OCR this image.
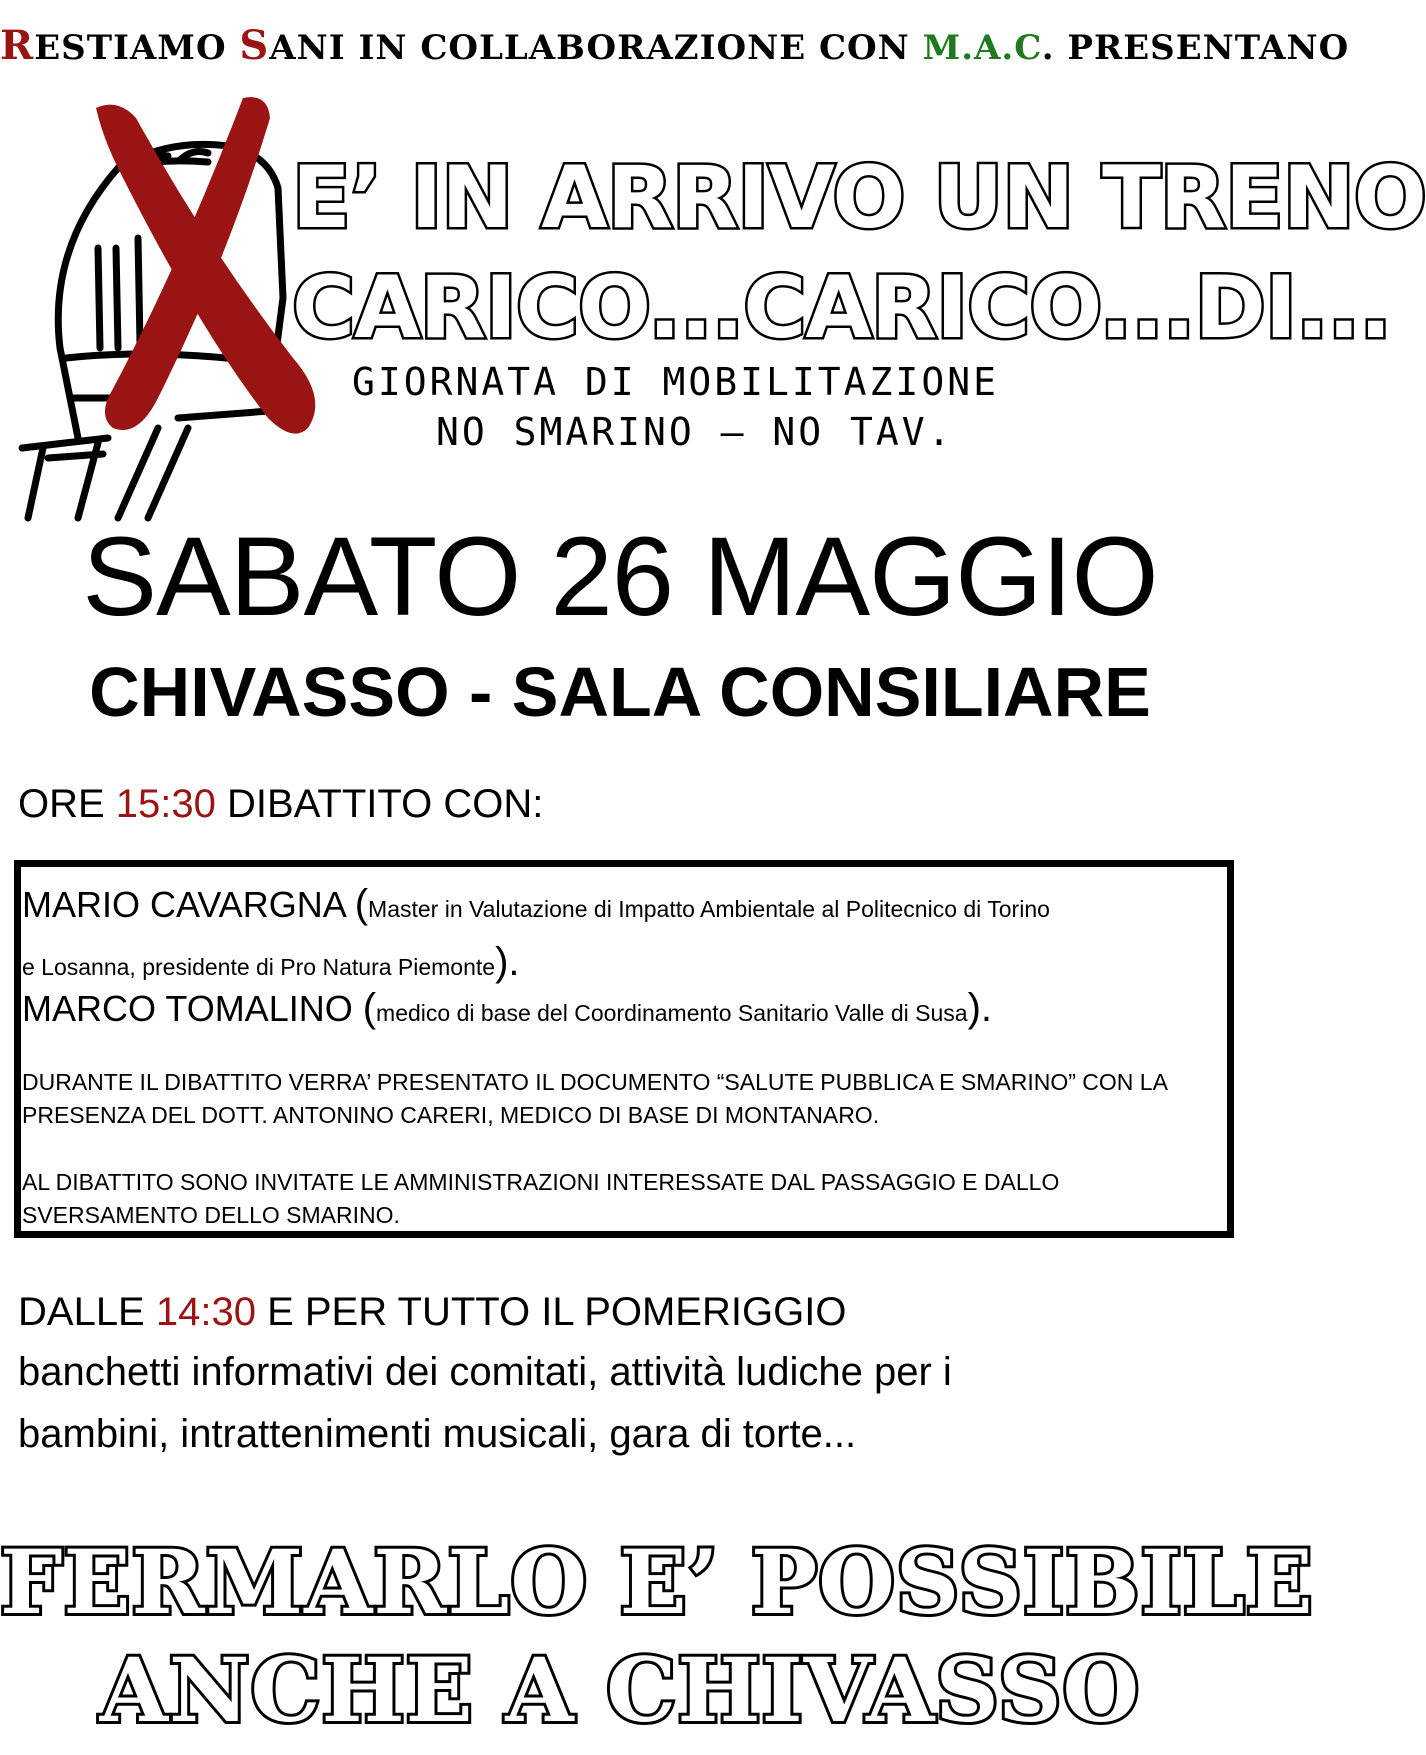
RESTIAMO SANI IN COLLABORAZIONE CON M.A.C. PRESENTANO
E’ IN ARRIVO UN TRENO
CARICO...CARICO...DI...
GIORNATA DI MOBILITAZIONE
NO SMARINO — NO TAV.
SABATO 26 MAGGIO
CHIVASSO - SALA CONSILIARE
ORE 15:30 DIBATTITO CON:
MARIO CAVARGNA (Master in Valutazione di Impatto Ambientale al Politecnico di Torino
e Losanna, presidente di Pro Natura Piemonte).
MARCO TOMALINO (medico di base del Coordinamento Sanitario Valle di Susa).
DURANTE IL DIBATTITO VERRA’ PRESENTATO IL DOCUMENTO “SALUTE PUBBLICA E SMARINO” CON LA PRESENZA DEL DOTT. ANTONINO CARERI, MEDICO DI BASE DI MONTANARO.
AL DIBATTITO SONO INVITATE LE AMMINISTRAZIONI INTERESSATE DAL PASSAGGIO E DALLO SVERSAMENTO DELLO SMARINO.
DALLE 14:30 E PER TUTTO IL POMERIGGIO
banchetti informativi dei comitati, attività ludiche per i
bambini, intrattenimenti musicali, gara di torte...
FERMARLO E’ POSSIBILE
ANCHE A CHIVASSO
